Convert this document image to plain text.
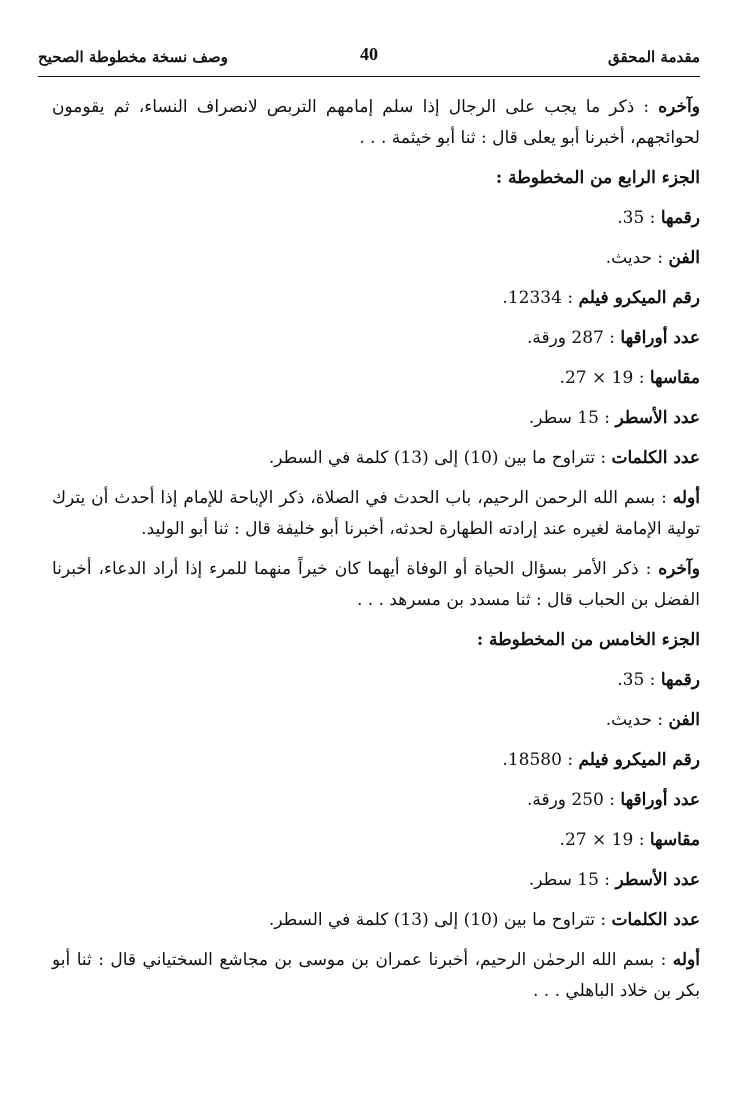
مقدمة المحقق
40
وصف نسخة مخطوطة الصحيح

وآخره : ذكر ما يجب على الرجال إذا سلم إمامهم التربص لانصراف النساء، ثم يقومون لحوائجهم، أخبرنا أبو يعلى قال : ثنا أبو خيثمة . . .

الجزء الرابع من المخطوطة :

رقمها : 35.

الفن : حديث.

رقم الميكرو فيلم : 12334.

عدد أوراقها : 287 ورقة.

مقاسها : 19 × 27.

عدد الأسطر : 15 سطر.

عدد الكلمات : تتراوح ما بين (10) إلى (13) كلمة في السطر.

أوله : بسم الله الرحمن الرحيم، باب الحدث في الصلاة، ذكر الإباحة للإمام إذا أحدث أن يترك تولية الإمامة لغيره عند إرادته الطهارة لحدثه، أخبرنا أبو خليفة قال : ثنا أبو الوليد.

وآخره : ذكر الأمر بسؤال الحياة أو الوفاة أيهما كان خيراً منهما للمرء إذا أراد الدعاء، أخبرنا الفضل بن الحباب قال : ثنا مسدد بن مسرهد . . .

الجزء الخامس من المخطوطة :

رقمها : 35.

الفن : حديث.

رقم الميكرو فيلم : 18580.

عدد أوراقها : 250 ورقة.

مقاسها : 19 × 27.

عدد الأسطر : 15 سطر.

عدد الكلمات : تتراوح ما بين (10) إلى (13) كلمة في السطر.

أوله : بسم الله الرحمٰن الرحيم، أخبرنا عمران بن موسى بن مجاشع السختياني قال : ثنا أبو بكر بن خلاد الباهلي . . .
